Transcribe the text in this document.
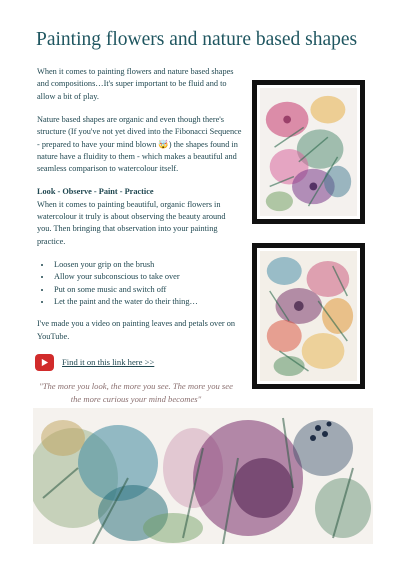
Painting flowers and nature based shapes

When it comes to painting flowers and nature based shapes and compositions…It's super important to be fluid and to allow a bit of play.

Nature based shapes are organic and even though there's structure (If you've not yet dived into the Fibonacci Sequence - prepared to have your mind blown 🤯) the shapes found in nature have a fluidity to them - which makes a beautiful and seamless comparison to watercolour itself.

Look - Observe - Paint - Practice

When it comes to painting beautiful, organic flowers in watercolour it truly is about observing the beauty around you. Then bringing that observation into your painting practice.

• Loosen your grip on the brush
• Allow your subconscious to take over
• Put on some music and switch off
• Let the paint and the water do their thing…

I've made you a video on painting leaves and petals over on YouTube.

Find it on this link here >>
"The more you look, the more you see. The more you see the more curious your mind becomes"
